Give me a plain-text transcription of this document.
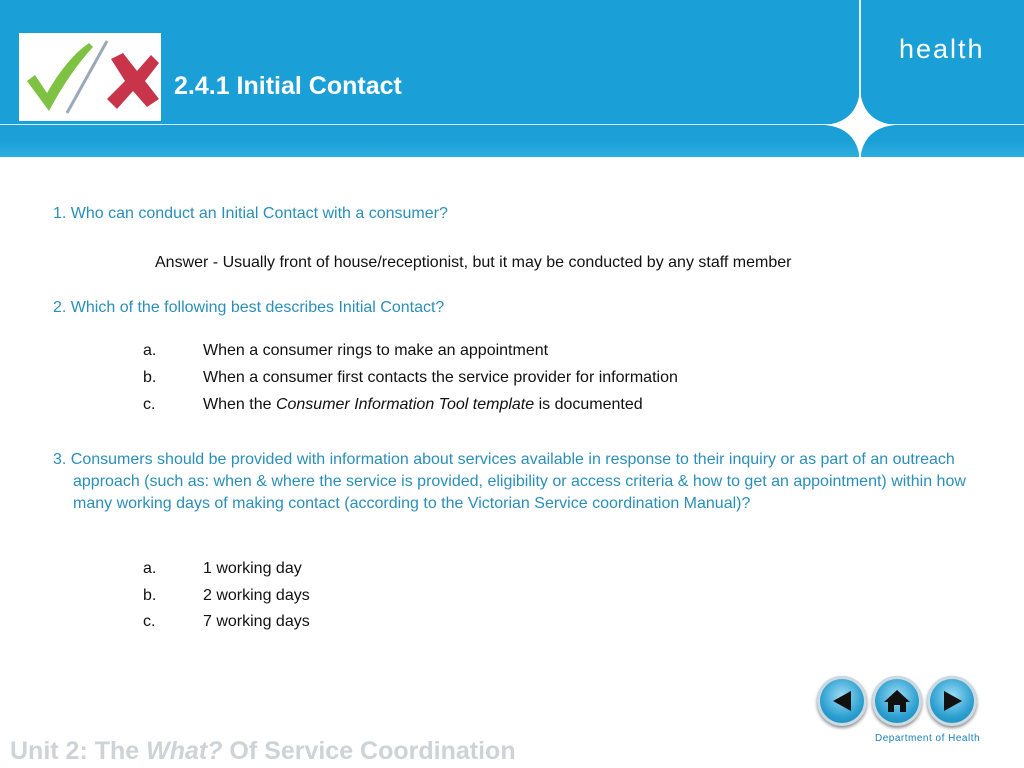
2.4.1 Initial Contact
health
1. Who can conduct an Initial Contact with a consumer?
Answer - Usually front of house/receptionist, but it may be conducted by any staff member
2. Which of the following best describes Initial Contact?
a.	When a consumer rings to make an appointment
b.	When a consumer first contacts the service provider for information
c.	When the Consumer Information Tool template is documented
3. Consumers should be provided with information about services available in response to their inquiry or as part of an outreach approach (such as: when & where the service is provided, eligibility or access criteria & how to get an appointment) within how many working days of making contact (according to the Victorian Service coordination Manual)?
a.	1 working day
b.	2 working days
c.	7 working days
Department of Health
Unit 2: The What? Of Service Coordination
